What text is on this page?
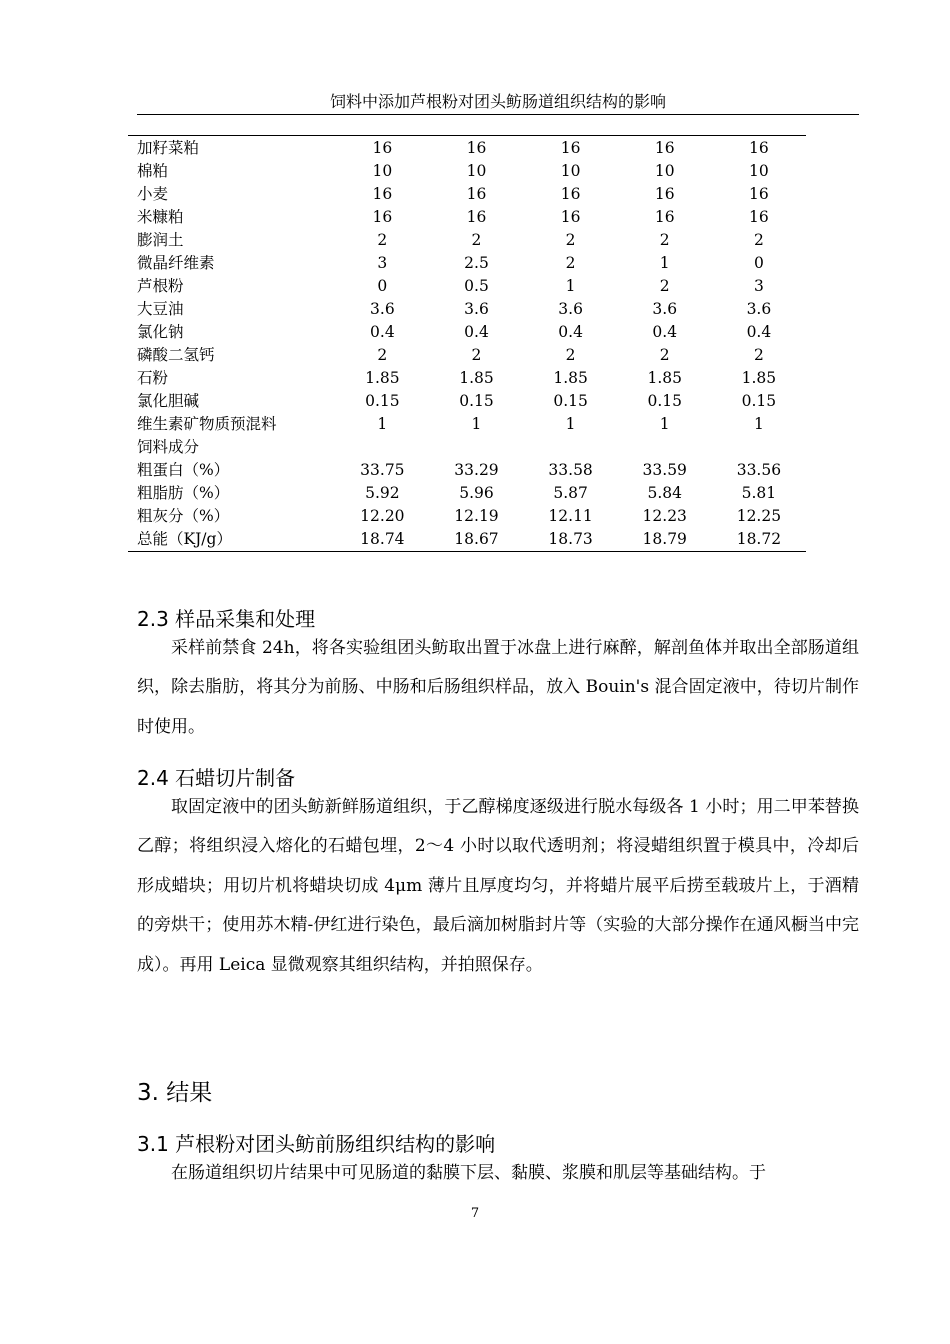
饲料中添加芦根粉对团头鲂肠道组织结构的影响
加籽菜粕	16	16	16	16	16
棉粕	10	10	10	10	10
小麦	16	16	16	16	16
米糠粕	16	16	16	16	16
膨润土	2	2	2	2	2
微晶纤维素	3	2.5	2	1	0
芦根粉	0	0.5	1	2	3
大豆油	3.6	3.6	3.6	3.6	3.6
氯化钠	0.4	0.4	0.4	0.4	0.4
磷酸二氢钙	2	2	2	2	2
石粉	1.85	1.85	1.85	1.85	1.85
氯化胆碱	0.15	0.15	0.15	0.15	0.15
维生素矿物质预混料	1	1	1	1	1
饲料成分					
粗蛋白（%）	33.75	33.29	33.58	33.59	33.56
粗脂肪（%）	5.92	5.96	5.87	5.84	5.81
粗灰分（%）	12.20	12.19	12.11	12.23	12.25
总能（KJ/g）	18.74	18.67	18.73	18.79	18.72
2.3 样品采集和处理

采样前禁食 24h，将各实验组团头鲂取出置于冰盘上进行麻醉，解剖鱼体并取出全部肠道组织，除去脂肪，将其分为前肠、中肠和后肠组织样品，放入 Bouin's 混合固定液中，待切片制作时使用。

2.4 石蜡切片制备

取固定液中的团头鲂新鲜肠道组织，于乙醇梯度逐级进行脱水每级各 1 小时；用二甲苯替换乙醇；将组织浸入熔化的石蜡包埋，2～4 小时以取代透明剂；将浸蜡组织置于模具中，冷却后形成蜡块；用切片机将蜡块切成 4μm 薄片且厚度均匀，并将蜡片展平后捞至载玻片上，于酒精的旁烘干；使用苏木精-伊红进行染色，最后滴加树脂封片等（实验的大部分操作在通风橱当中完成）。再用 Leica 显微观察其组织结构，并拍照保存。

3. 结果
3.1 芦根粉对团头鲂前肠组织结构的影响

在肠道组织切片结果中可见肠道的黏膜下层、黏膜、浆膜和肌层等基础结构。于

7
